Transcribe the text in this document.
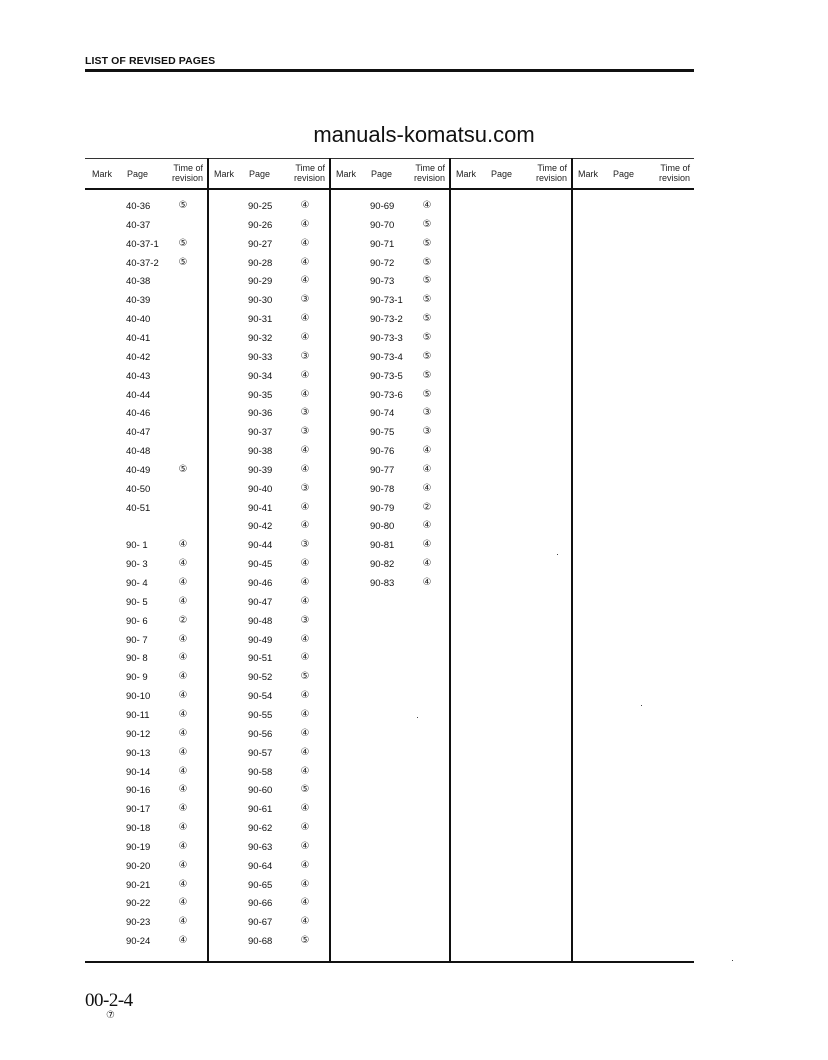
LIST OF REVISED PAGES
manuals-komatsu.com
Mark Page
Time of
revision
40-36	⑤
40-37
40-37-1 ⑤
40-37-2 ⑤
40-38
40-39
40-40
40-41
40-42
40-43
40-44
40-46
40-47
40-48
40-49	⑤
40-50
40-51
90- 1	④
90- 3	④
90- 4	④
90- 5	④
90- 6	②
90- 7	④
90- 8	④
90- 9	④
90-10	④
90-11	④
90-12	④
90-13	④
90-14	④
90-16	④
90-17	④
90-18	④
90-19	④
90-20	④
90-21	④
90-22	④
90-23	④
90-24	④
Mark Page
Time of
revision
90-25	④
90-26	④
90-27	④
90-28	④
90-29	④
90-30	③
90-31	④
90-32	④
90-33	③
90-34	④
90-35	④
90-36	③
90-37	③
90-38	④
90-39	④
90-40	③
90-41	④
90-42	④
90-44	③
90-45	④
90-46	④
90-47	④
90-48	③
90-49	④
90-51	④
90-52	⑤
90-54	④
90-55	④
90-56	④
90-57	④
90-58	④
90-60	⑤
90-61	④
90-62	④
90-63	④
90-64	④
90-65	④
90-66	④
90-67	④
90-68	⑤
Mark Page
Time of
revision
90-69	④
90-70	⑤
90-71	⑤
90-72	⑤
90-73	⑤
90-73-1 ⑤
90-73-2 ⑤
90-73-3 ⑤
90-73-4 ⑤
90-73-5 ⑤
90-73-6 ⑤
90-74	③
90-75	③
90-76	④
90-77	④
90-78	④
90-79	②
90-80	④
90-81	④
90-82	④
90-83	④
Mark Page
Time of
revision Mark Page
Time of
revision
00-2-4
⑦
